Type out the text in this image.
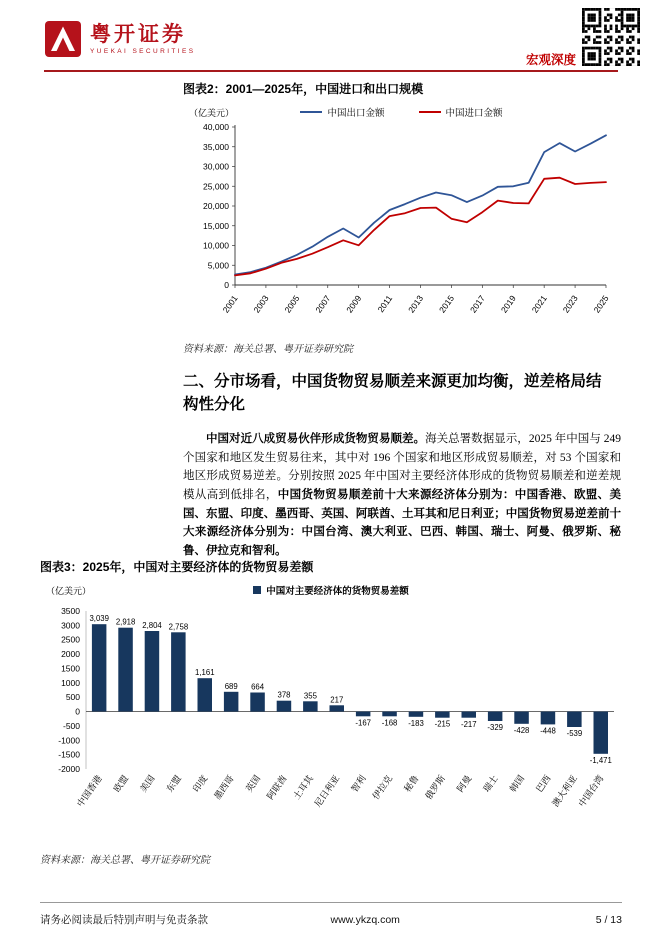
粤开证券
YUEKAI SECURITIES
宏观深度
图表2：2001—2025年，中国进口和出口规模
（亿美元）	中国出口金额	中国进口金额
0
5,000
10,000
15,000
20,000
25,000
30,000
35,000
40,000
2001 2003 2005 2007 2009 2011 2013 2015 2017 2019 2021 2023 2025
资料来源：海关总署、粤开证券研究院
二、分市场看，中国货物贸易顺差来源更加均衡，逆差格局结构性分化

中国对近八成贸易伙伴形成货物贸易顺差。海关总署数据显示，2025 年中国与 249 个国家和地区发生贸易往来，其中对 196 个国家和地区形成贸易顺差，对 53 个国家和地区形成贸易逆差。分别按照 2025 年中国对主要经济体形成的货物贸易顺差和逆差规模从高到低排名，中国货物贸易顺差前十大来源经济体分别为：中国香港、欧盟、美国、东盟、印度、墨西哥、英国、阿联酋、土耳其和尼日利亚；中国货物贸易逆差前十大来源经济体分别为：中国台湾、澳大利亚、巴西、韩国、瑞士、阿曼、俄罗斯、秘鲁、伊拉克和智利。

图表3：2025年，中国对主要经济体的货物贸易差额
（亿美元）	中国对主要经济体的货物贸易差额
3500
3000
2500
2000
1500
1000
500
0
-500
-1000
-1500
-2000
3,039
中国香港
2,918
欧盟
2,804
美国
2,758
东盟
1,161
印度
689
墨西哥
664
英国
378
阿联酋
355
土耳其
217
尼日利亚
-167
智利
-168
伊拉克
-183
秘鲁
-215
俄罗斯
-217
阿曼
-329
瑞士
-428
韩国
-448
巴西
-539
澳大利亚
-1,471
中国台湾
资料来源：海关总署、粤开证券研究院
请务必阅读最后特别声明与免责条款	www.ykzq.com	5 / 13
